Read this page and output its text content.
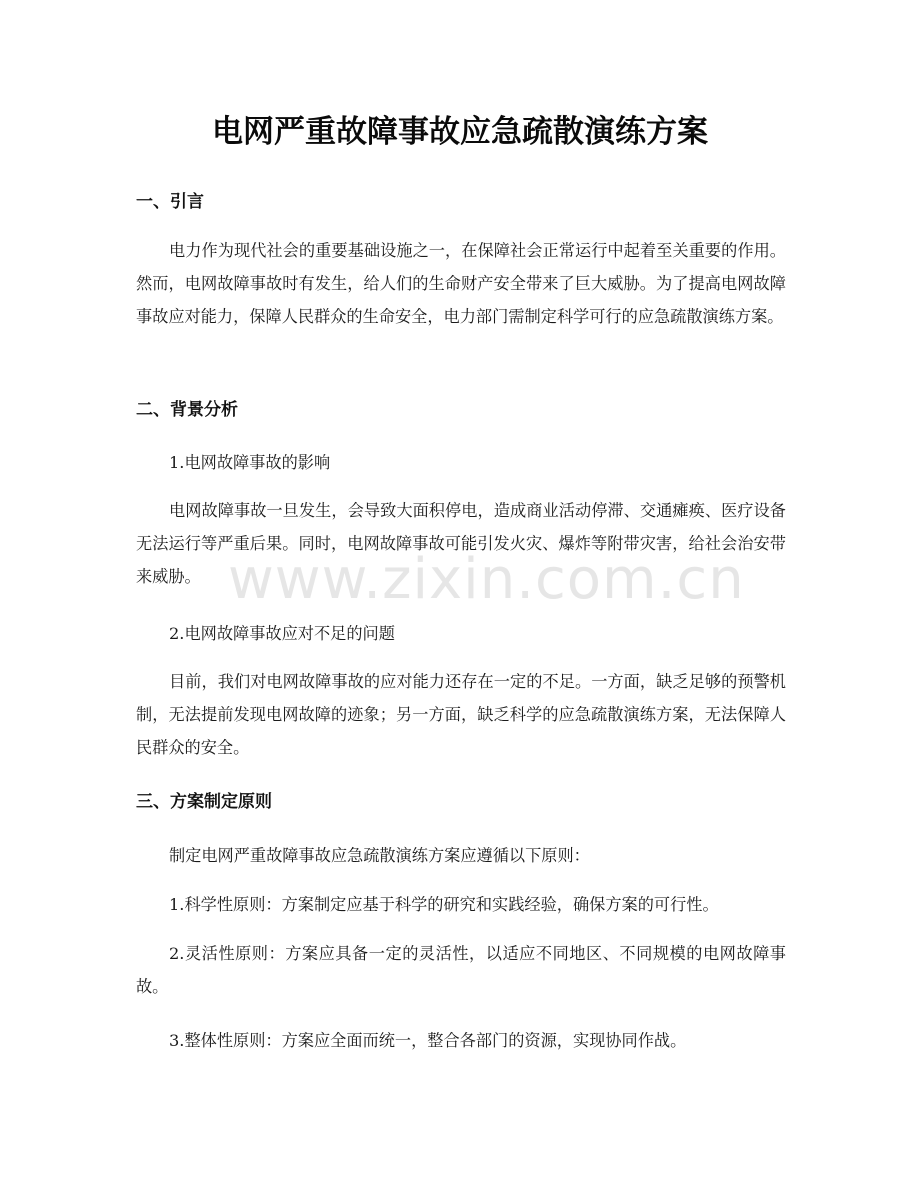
www.zixin.com.cn
电网严重故障事故应急疏散演练方案
一、引言
电力作为现代社会的重要基础设施之一，在保障社会正常运行中起着至关重要的作用。然而，电网故障事故时有发生，给人们的生命财产安全带来了巨大威胁。为了提高电网故障事故应对能力，保障人民群众的生命安全，电力部门需制定科学可行的应急疏散演练方案。
二、背景分析
1.电网故障事故的影响
电网故障事故一旦发生，会导致大面积停电，造成商业活动停滞、交通瘫痪、医疗设备无法运行等严重后果。同时，电网故障事故可能引发火灾、爆炸等附带灾害，给社会治安带来威胁。
2.电网故障事故应对不足的问题
目前，我们对电网故障事故的应对能力还存在一定的不足。一方面，缺乏足够的预警机制，无法提前发现电网故障的迹象；另一方面，缺乏科学的应急疏散演练方案，无法保障人民群众的安全。
三、方案制定原则
制定电网严重故障事故应急疏散演练方案应遵循以下原则：
1.科学性原则：方案制定应基于科学的研究和实践经验，确保方案的可行性。
2.灵活性原则：方案应具备一定的灵活性，以适应不同地区、不同规模的电网故障事故。
3.整体性原则：方案应全面而统一，整合各部门的资源，实现协同作战。
